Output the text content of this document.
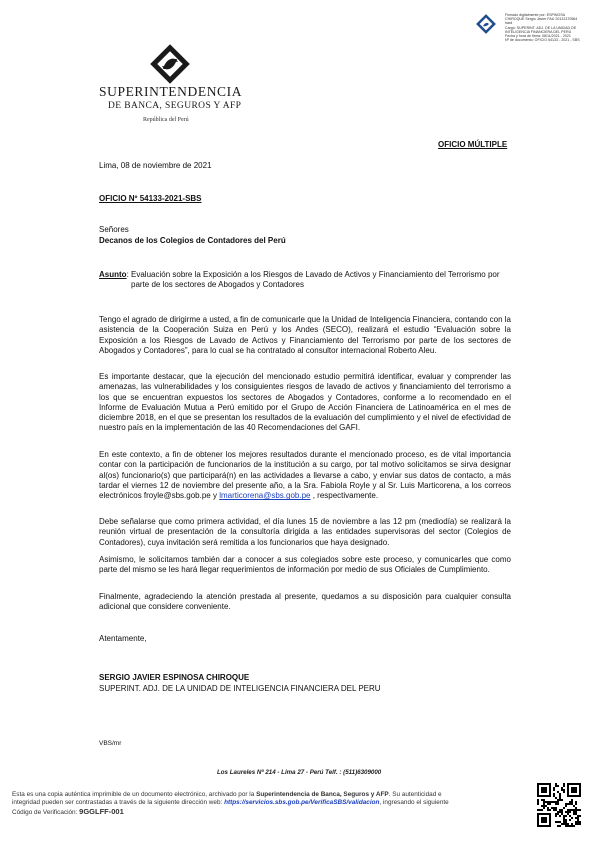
Firmado digitalmente por: ESPINOSA
CHIROQUE Sergio Javier FAU 20131370564
hard
Cargo: SUPERINT. ADJ. DE LA UNIDAD DE
INTELIGENCIA FINANCIERA DEL PERÚ
Fecha y hora de firma: 08/11/2021 - 2021
Nº de documento: OFICIO 54133 - 2021 - SBS
SUPERINTENDENCIA
DE BANCA, SEGUROS Y AFP
República del Perú
OFICIO MÚLTIPLE
Lima, 08 de noviembre de 2021
OFICIO Nº 54133-2021-SBS
Señores
Decanos de los Colegios de Contadores del Perú
Asunto: Evaluación sobre la Exposición a los Riesgos de Lavado de Activos y Financiamiento del Terrorismo por
parte de los sectores de Abogados y Contadores
Tengo el agrado de dirigirme a usted, a fin de comunicarle que la Unidad de Inteligencia Financiera, contando con la asistencia de la Cooperación Suiza en Perú y los Andes (SECO), realizará el estudio “Evaluación sobre la Exposición a los Riesgos de Lavado de Activos y Financiamiento del Terrorismo por parte de los sectores de Abogados y Contadores”, para lo cual se ha contratado al consultor internacional Roberto Aleu.
Es importante destacar, que la ejecución del mencionado estudio permitirá identificar, evaluar y comprender las amenazas, las vulnerabilidades y los consiguientes riesgos de lavado de activos y financiamiento del terrorismo a los que se encuentran expuestos los sectores de Abogados y Contadores, conforme a lo recomendado en el Informe de Evaluación Mutua a Perú emitido por el Grupo de Acción Financiera de Latinoamérica en el mes de diciembre 2018, en el que se presentan los resultados de la evaluación del cumplimiento y el nivel de efectividad de nuestro país en la implementación de las 40 Recomendaciones del GAFI.
En este contexto, a fin de obtener los mejores resultados durante el mencionado proceso, es de vital importancia contar con la participación de funcionarios de la institución a su cargo, por tal motivo solicitamos se sirva designar al(os) funcionario(s) que participará(n) en las actividades a llevarse a cabo, y enviar sus datos de contacto, a más tardar el viernes 12 de noviembre del presente año, a la Sra. Fabiola Royle y al Sr. Luis Marticorena, a los correos electrónicos froyle@sbs.gob.pe y lmarticorena@sbs.gob.pe , respectivamente.
Debe señalarse que como primera actividad, el día lunes 15 de noviembre a las 12 pm (mediodía) se realizará la reunión virtual de presentación de la consultoría dirigida a las entidades supervisoras del sector (Colegios de Contadores), cuya invitación será remitida a los funcionarios que haya designado.
Asimismo, le solicitamos también dar a conocer a sus colegiados sobre este proceso, y comunicarles que como parte del mismo se les hará llegar requerimientos de información por medio de sus Oficiales de Cumplimiento.
Finalmente, agradeciendo la atención prestada al presente, quedamos a su disposición para cualquier consulta adicional que considere conveniente.
Atentamente,
SERGIO JAVIER ESPINOSA CHIROQUE
SUPERINT. ADJ. DE LA UNIDAD DE INTELIGENCIA FINANCIERA DEL PERU
VBS/mr
Los Laureles Nº 214 - Lima 27 - Perú Telf. : (511)6309000
Esta es una copia auténtica imprimible de un documento electrónico, archivado por la Superintendencia de Banca, Seguros y AFP. Su autenticidad e
integridad pueden ser contrastadas a través de la siguiente dirección web: https://servicios.sbs.gob.pe/VerificaSBS/validacion, ingresando el siguiente
Código de Verificación: 9GGLFF-001
